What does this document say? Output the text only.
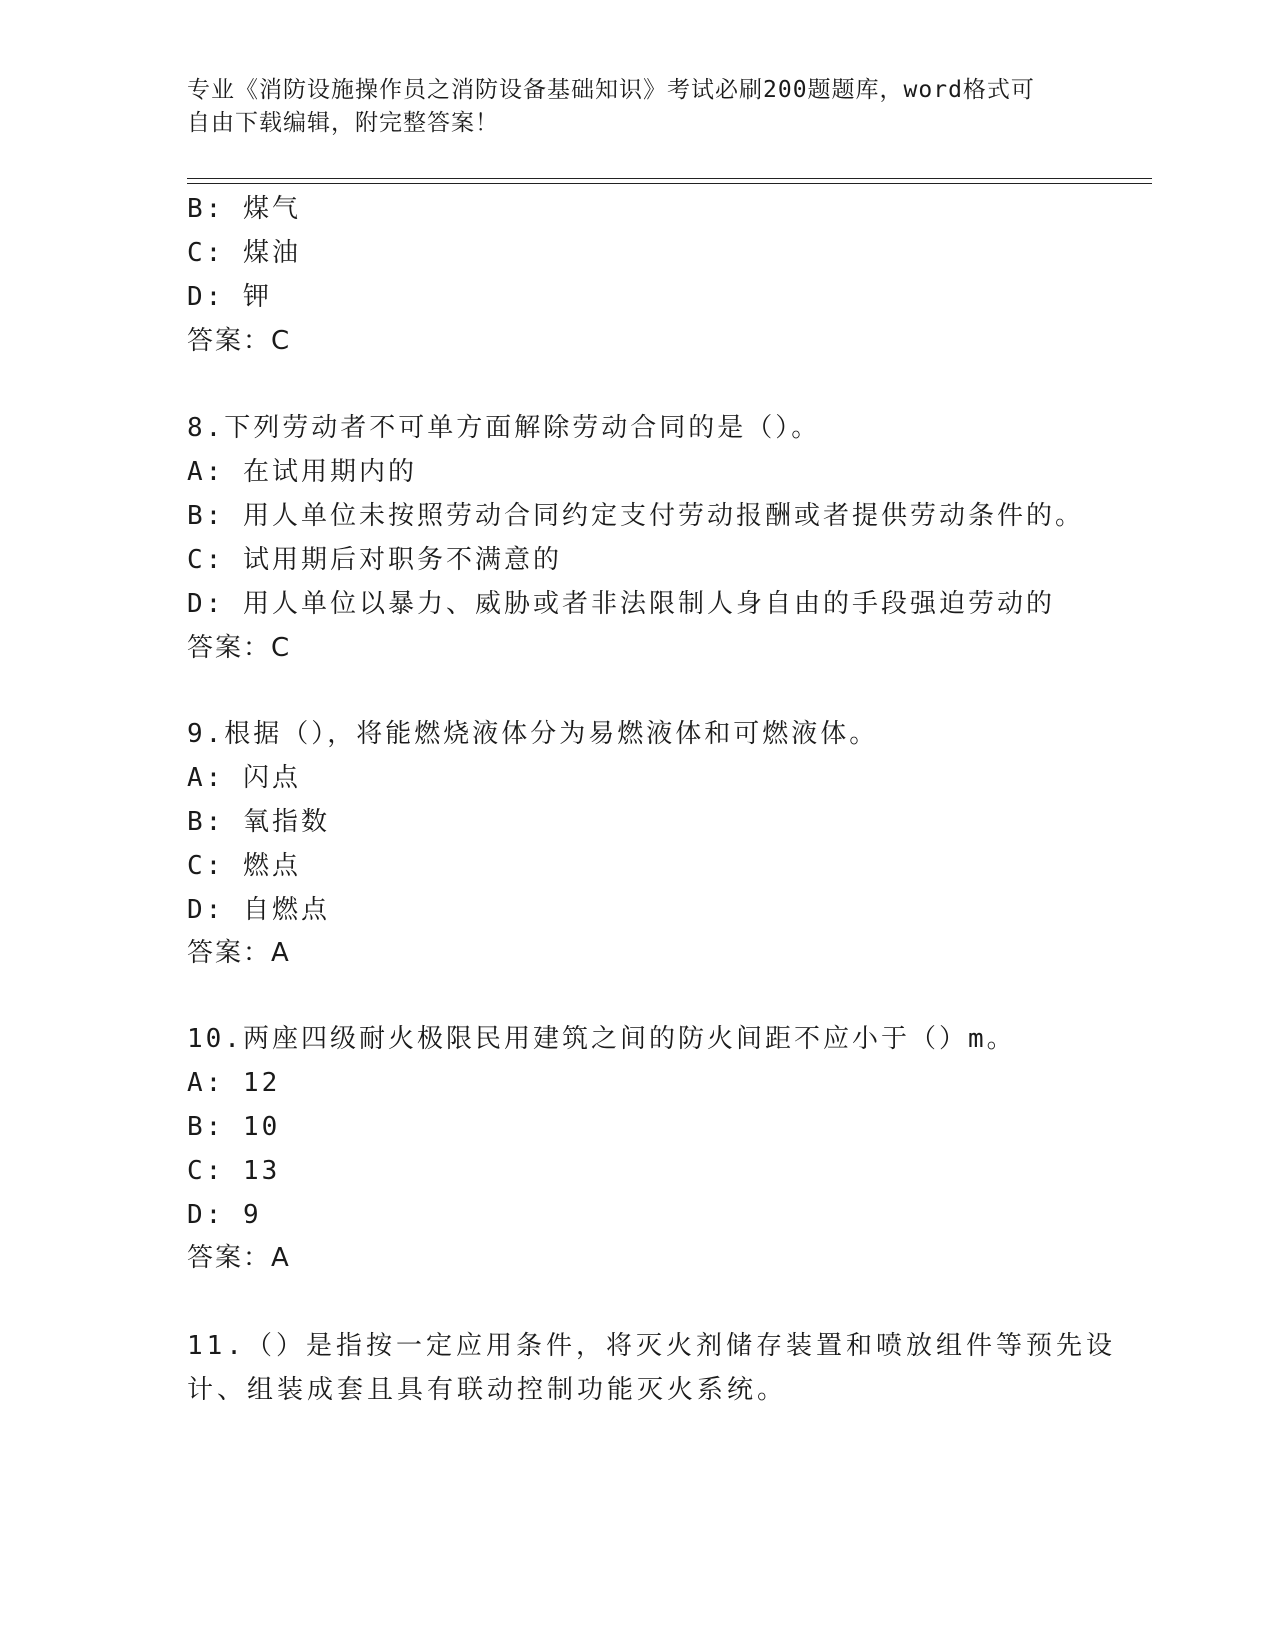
专业《消防设施操作员之消防设备基础知识》考试必刷200题题库，word格式可
自由下载编辑，附完整答案！
B: 煤气
C: 煤油
D: 钾
答案：C
8.下列劳动者不可单方面解除劳动合同的是（）。
A: 在试用期内的
B: 用人单位未按照劳动合同约定支付劳动报酬或者提供劳动条件的。
C: 试用期后对职务不满意的
D: 用人单位以暴力、威胁或者非法限制人身自由的手段强迫劳动的
答案：C
9.根据（），将能燃烧液体分为易燃液体和可燃液体。
A: 闪点
B: 氧指数
C: 燃点
D: 自燃点
答案：A
10.两座四级耐火极限民用建筑之间的防火间距不应小于（）m。
A: 12
B: 10
C: 13
D: 9
答案：A
11.（）是指按一定应用条件，将灭火剂储存装置和喷放组件等预先设
计、组装成套且具有联动控制功能灭火系统。
